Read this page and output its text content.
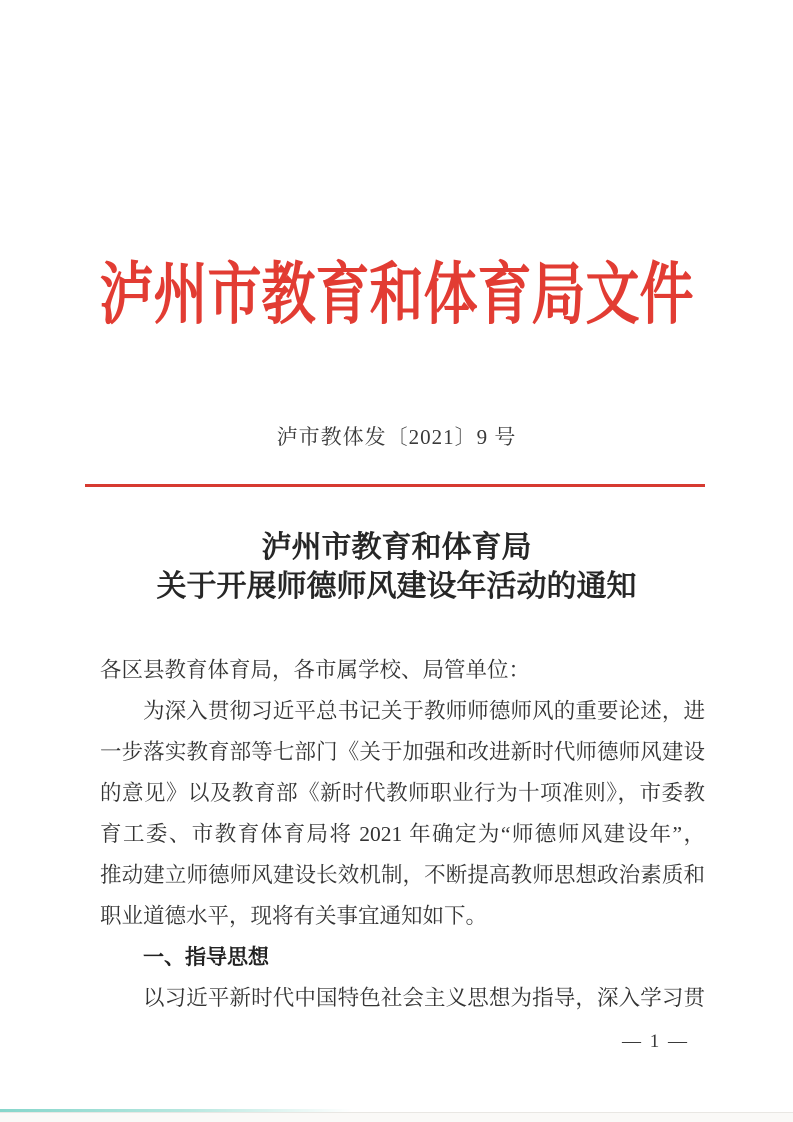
泸州市教育和体育局文件
泸市教体发〔2021〕9 号
泸州市教育和体育局
关于开展师德师风建设年活动的通知
各区县教育体育局，各市属学校、局管单位：
为深入贯彻习近平总书记关于教师师德师风的重要论述，进
一步落实教育部等七部门《关于加强和改进新时代师德师风建设
的意见》以及教育部《新时代教师职业行为十项准则》，市委教
育工委、市教育体育局将 2021 年确定为“师德师风建设年”，
推动建立师德师风建设长效机制，不断提高教师思想政治素质和
职业道德水平，现将有关事宜通知如下。
一、指导思想
以习近平新时代中国特色社会主义思想为指导，深入学习贯
— 1 —
